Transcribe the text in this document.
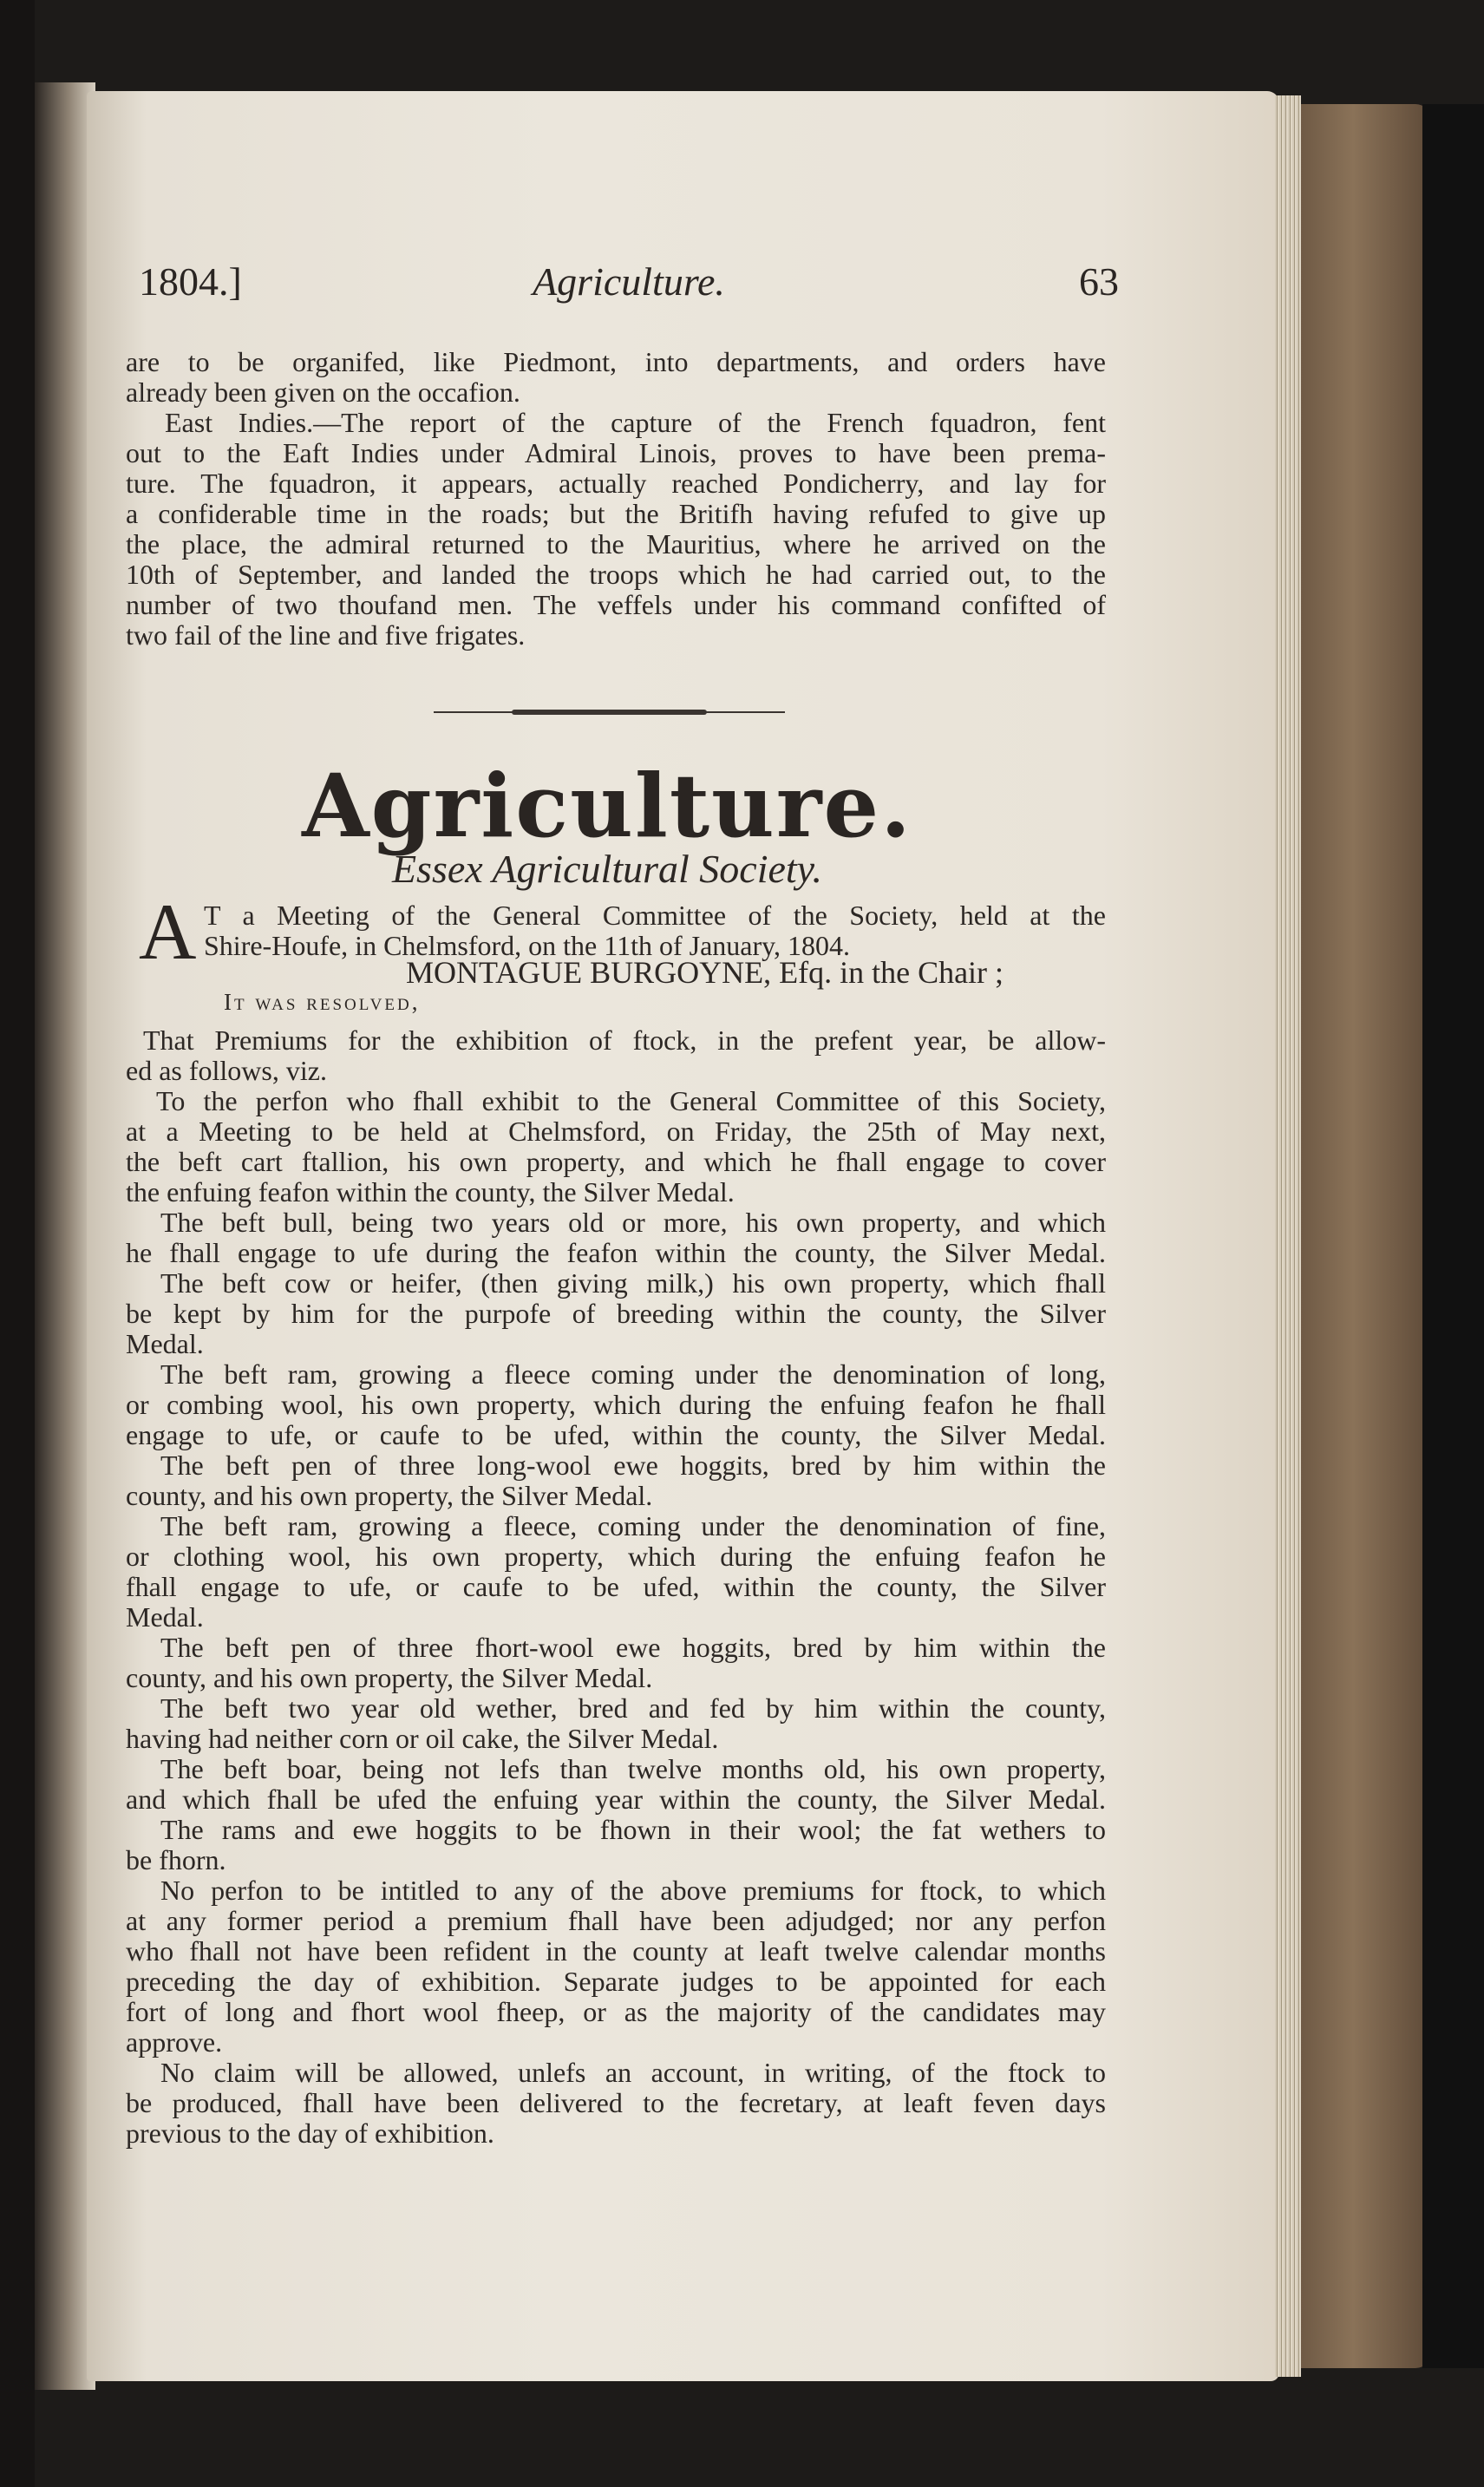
1804.]	Agriculture.	63
are to be organifed, like Piedmont, into departments, and orders have
already been given on the occafion.
East Indies.—The report of the capture of the French fquadron, fent
out to the Eaft Indies under Admiral Linois, proves to have been prema-
ture. The fquadron, it appears, actually reached Pondicherry, and lay for
a confiderable time in the roads; but the Britifh having refufed to give up
the place, the admiral returned to the Mauritius, where he arrived on the
10th of September, and landed the troops which he had carried out, to the
number of two thoufand men. The veffels under his command confifted of
two fail of the line and five frigates.
Agriculture.
Essex Agricultural Society.
A T a Meeting of the General Committee of the Society, held at the
Shire-Houfe, in Chelmsford, on the 11th of January, 1804.
MONTAGUE BURGOYNE, Efq. in the Chair ;
It was resolved,
That Premiums for the exhibition of ftock, in the prefent year, be allow-
ed as follows, viz.
To the perfon who fhall exhibit to the General Committee of this Society,
at a Meeting to be held at Chelmsford, on Friday, the 25th of May next,
the beft cart ftallion, his own property, and which he fhall engage to cover
the enfuing feafon within the county, the Silver Medal.
The beft bull, being two years old or more, his own property, and which
he fhall engage to ufe during the feafon within the county, the Silver Medal.
The beft cow or heifer, (then giving milk,) his own property, which fhall
be kept by him for the purpofe of breeding within the county, the Silver
Medal.
The beft ram, growing a fleece coming under the denomination of long,
or combing wool, his own property, which during the enfuing feafon he fhall
engage to ufe, or caufe to be ufed, within the county, the Silver Medal.
The beft pen of three long-wool ewe hoggits, bred by him within the
county, and his own property, the Silver Medal.
The beft ram, growing a fleece, coming under the denomination of fine,
or clothing wool, his own property, which during the enfuing feafon he
fhall engage to ufe, or caufe to be ufed, within the county, the Silver
Medal.
The beft pen of three fhort-wool ewe hoggits, bred by him within the
county, and his own property, the Silver Medal.
The beft two year old wether, bred and fed by him within the county,
having had neither corn or oil cake, the Silver Medal.
The beft boar, being not lefs than twelve months old, his own property,
and which fhall be ufed the enfuing year within the county, the Silver Medal.
The rams and ewe hoggits to be fhown in their wool; the fat wethers to
be fhorn.
No perfon to be intitled to any of the above premiums for ftock, to which
at any former period a premium fhall have been adjudged; nor any perfon
who fhall not have been refident in the county at leaft twelve calendar months
preceding the day of exhibition. Separate judges to be appointed for each
fort of long and fhort wool fheep, or as the majority of the candidates may
approve.
No claim will be allowed, unlefs an account, in writing, of the ftock to
be produced, fhall have been delivered to the fecretary, at leaft feven days
previous to the day of exhibition.
